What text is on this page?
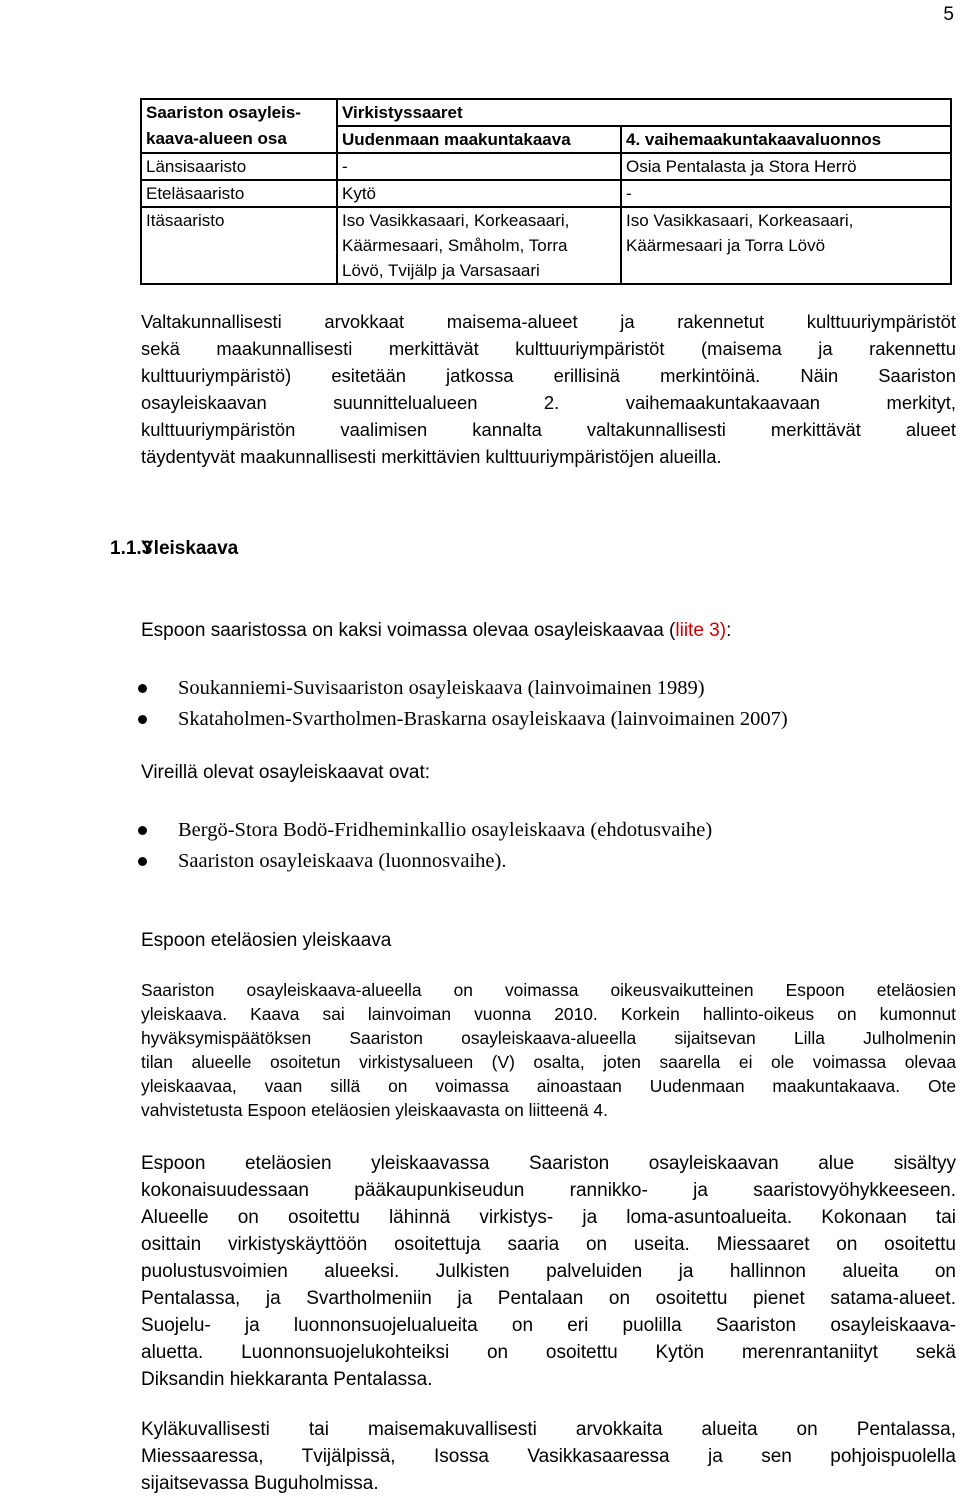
5
Saariston osayleis-	Virkistyssaaret	

kaava-alueen osa	Uudenmaan maakuntakaava	4. vaihemaakuntakaavaluonnos

Länsisaaristo	-	Osia Pentalasta ja Stora Herrö

Eteläsaaristo	Kytö	-

Itäsaaristo	Iso Vasikkasaari, Korkeasaari,
Käärmesaari, Småholm, Torra
Lövö, Tvijälp ja Varsasaari	Iso Vasikkasaari, Korkeasaari,
Käärmesaari ja Torra Lövö
Valtakunnallisesti arvokkaat maisema-alueet ja rakennetut kulttuuriympäristöt
sekä maakunnallisesti merkittävät kulttuuriympäristöt (maisema ja rakennettu
kulttuuriympäristö) esitetään jatkossa erillisinä merkintöinä. Näin Saariston
osayleiskaavan suunnittelualueen 2. vaihemaakuntakaavaan merkityt,
kulttuuriympäristön vaalimisen kannalta valtakunnallisesti merkittävät alueet
täydentyvät maakunnallisesti merkittävien kulttuuriympäristöjen alueilla.
1.1.3
Yleiskaava
Espoon saaristossa on kaksi voimassa olevaa osayleiskaavaa (liite 3):
Soukanniemi-Suvisaariston osayleiskaava (lainvoimainen 1989)
Skataholmen-Svartholmen-Braskarna osayleiskaava (lainvoimainen 2007)
Vireillä olevat osayleiskaavat ovat:
Bergö-Stora Bodö-Fridheminkallio osayleiskaava (ehdotusvaihe)
Saariston osayleiskaava (luonnosvaihe).
Espoon eteläosien yleiskaava
Saariston osayleiskaava-alueella on voimassa oikeusvaikutteinen Espoon eteläosien
yleiskaava. Kaava sai lainvoiman vuonna 2010. Korkein hallinto-oikeus on kumonnut
hyväksymispäätöksen Saariston osayleiskaava-alueella sijaitsevan Lilla Julholmenin
tilan alueelle osoitetun virkistysalueen (V) osalta, joten saarella ei ole voimassa olevaa
yleiskaavaa, vaan sillä on voimassa ainoastaan Uudenmaan maakuntakaava. Ote
vahvistetusta Espoon eteläosien yleiskaavasta on liitteenä 4.
Espoon eteläosien yleiskaavassa Saariston osayleiskaavan alue sisältyy
kokonaisuudessaan pääkaupunkiseudun rannikko- ja saaristovyöhykkeeseen.
Alueelle on osoitettu lähinnä virkistys- ja loma-asuntoalueita. Kokonaan tai
osittain virkistyskäyttöön osoitettuja saaria on useita. Miessaaret on osoitettu
puolustusvoimien alueeksi. Julkisten palveluiden ja hallinnon alueita on
Pentalassa, ja Svartholmeniin ja Pentalaan on osoitettu pienet satama-alueet.
Suojelu- ja luonnonsuojelualueita on eri puolilla Saariston osayleiskaava-
aluetta. Luonnonsuojelukohteiksi on osoitettu Kytön merenrantaniityt sekä
Diksandin hiekkaranta Pentalassa.
Kyläkuvallisesti tai maisemakuvallisesti arvokkaita alueita on Pentalassa,
Miessaaressa, Tvijälpissä, Isossa Vasikkasaaressa ja sen pohjoispuolella
sijaitsevassa Buguholmissa.
